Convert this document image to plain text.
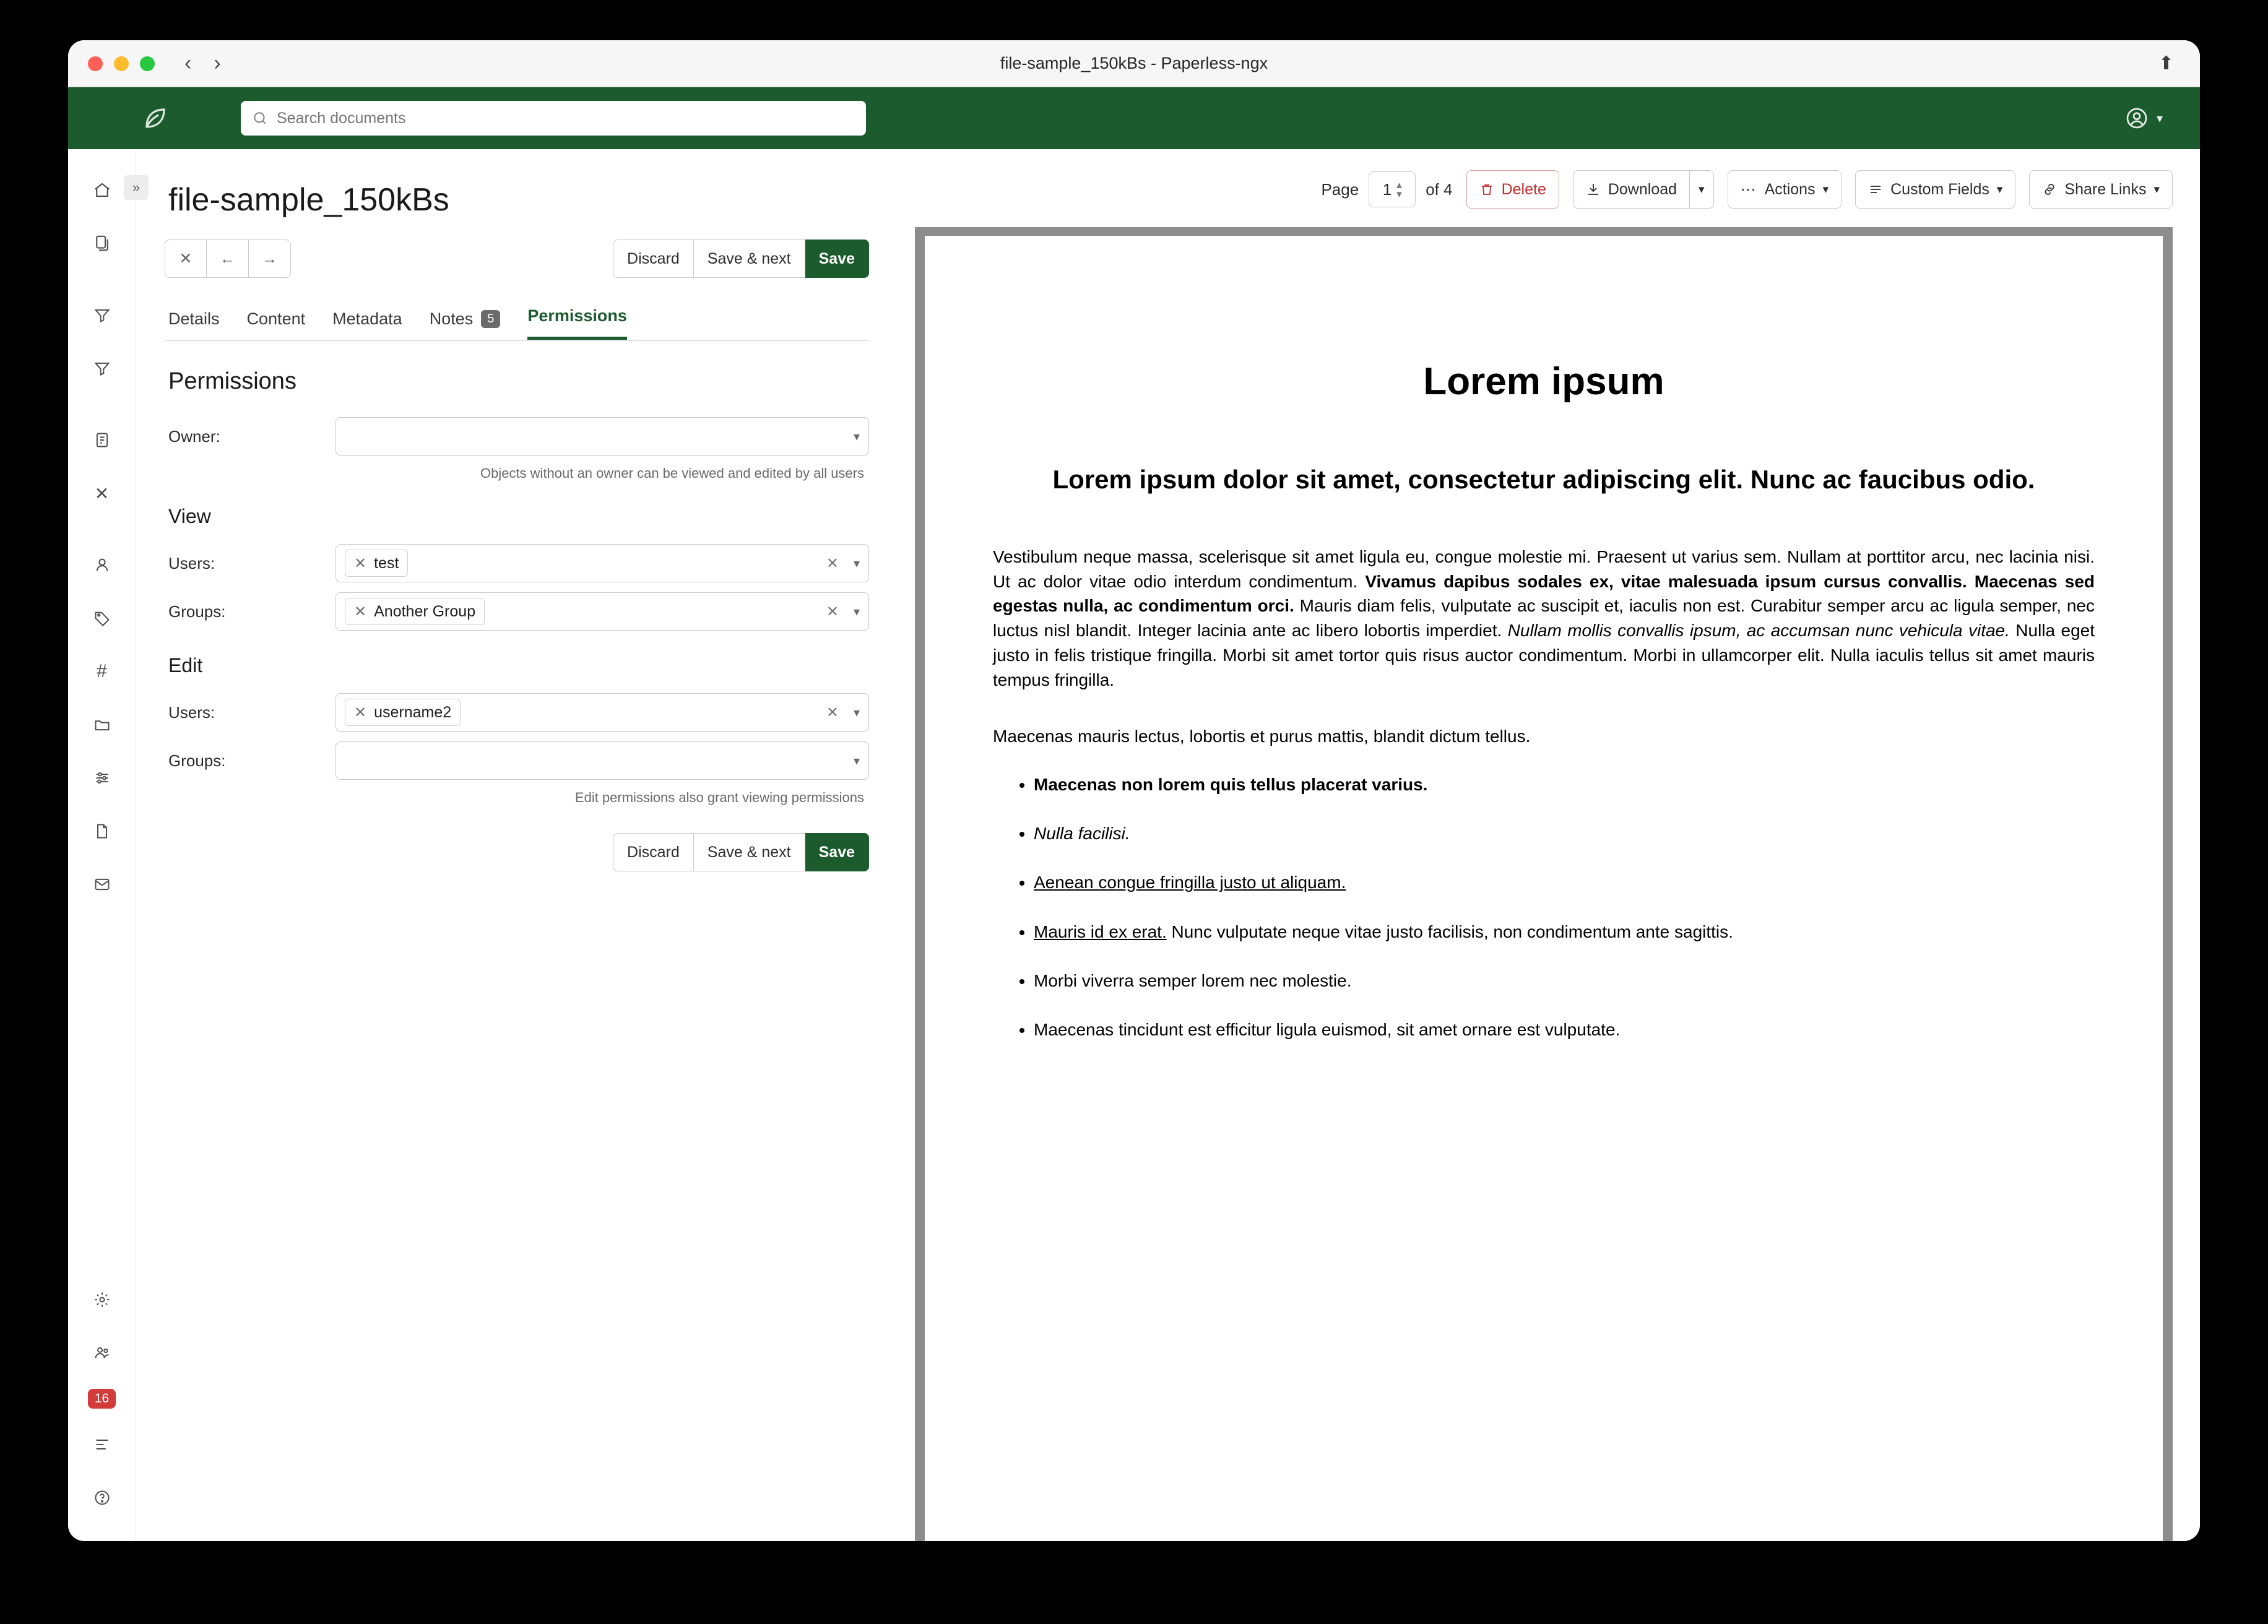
‹ ›	file-sample_150kBs - Paperless-ngx	⬆
Search documents	▾
»
✕
#
16
file-sample_150kBs
✕	←	→	Discard	Save & next	Save
Details Content Metadata Notes	5	Permissions
Permissions
Owner:	▾
Objects without an owner can be viewed and edited by all users
View
Users:	✕ test	✕ ▾
Groups:	✕ Another Group	✕ ▾
Edit
Users:	✕ username2	✕ ▾
Groups:	▾
Edit permissions also grant viewing permissions
Discard	Save & next	Save
Page 1 ▴
▾ of 4	Delete	Download ▾ ⋯ Actions ▾	Custom Fields ▾	Share Links ▾
Lorem ipsum
Lorem ipsum dolor sit amet, consectetur adipiscing elit. Nunc ac faucibus odio.

Vestibulum neque massa, scelerisque sit amet ligula eu, congue molestie mi. Praesent ut varius sem. Nullam at porttitor arcu, nec lacinia nisi. Ut ac dolor vitae odio interdum condimentum. Vivamus dapibus sodales ex, vitae malesuada ipsum cursus convallis. Maecenas sed egestas nulla, ac condimentum orci. Mauris diam felis, vulputate ac suscipit et, iaculis non est. Curabitur semper arcu ac ligula semper, nec luctus nisl blandit. Integer lacinia ante ac libero lobortis imperdiet. Nullam mollis convallis ipsum, ac accumsan nunc vehicula vitae. Nulla eget justo in felis tristique fringilla. Morbi sit amet tortor quis risus auctor condimentum. Morbi in ullamcorper elit. Nulla iaculis tellus sit amet mauris tempus fringilla.

Maecenas mauris lectus, lobortis et purus mattis, blandit dictum tellus.

• Maecenas non lorem quis tellus placerat varius.
• Nulla facilisi.
• Aenean congue fringilla justo ut aliquam.
• Mauris id ex erat. Nunc vulputate neque vitae justo facilisis, non condimentum ante sagittis.
• Morbi viverra semper lorem nec molestie.
• Maecenas tincidunt est efficitur ligula euismod, sit amet ornare est vulputate.
